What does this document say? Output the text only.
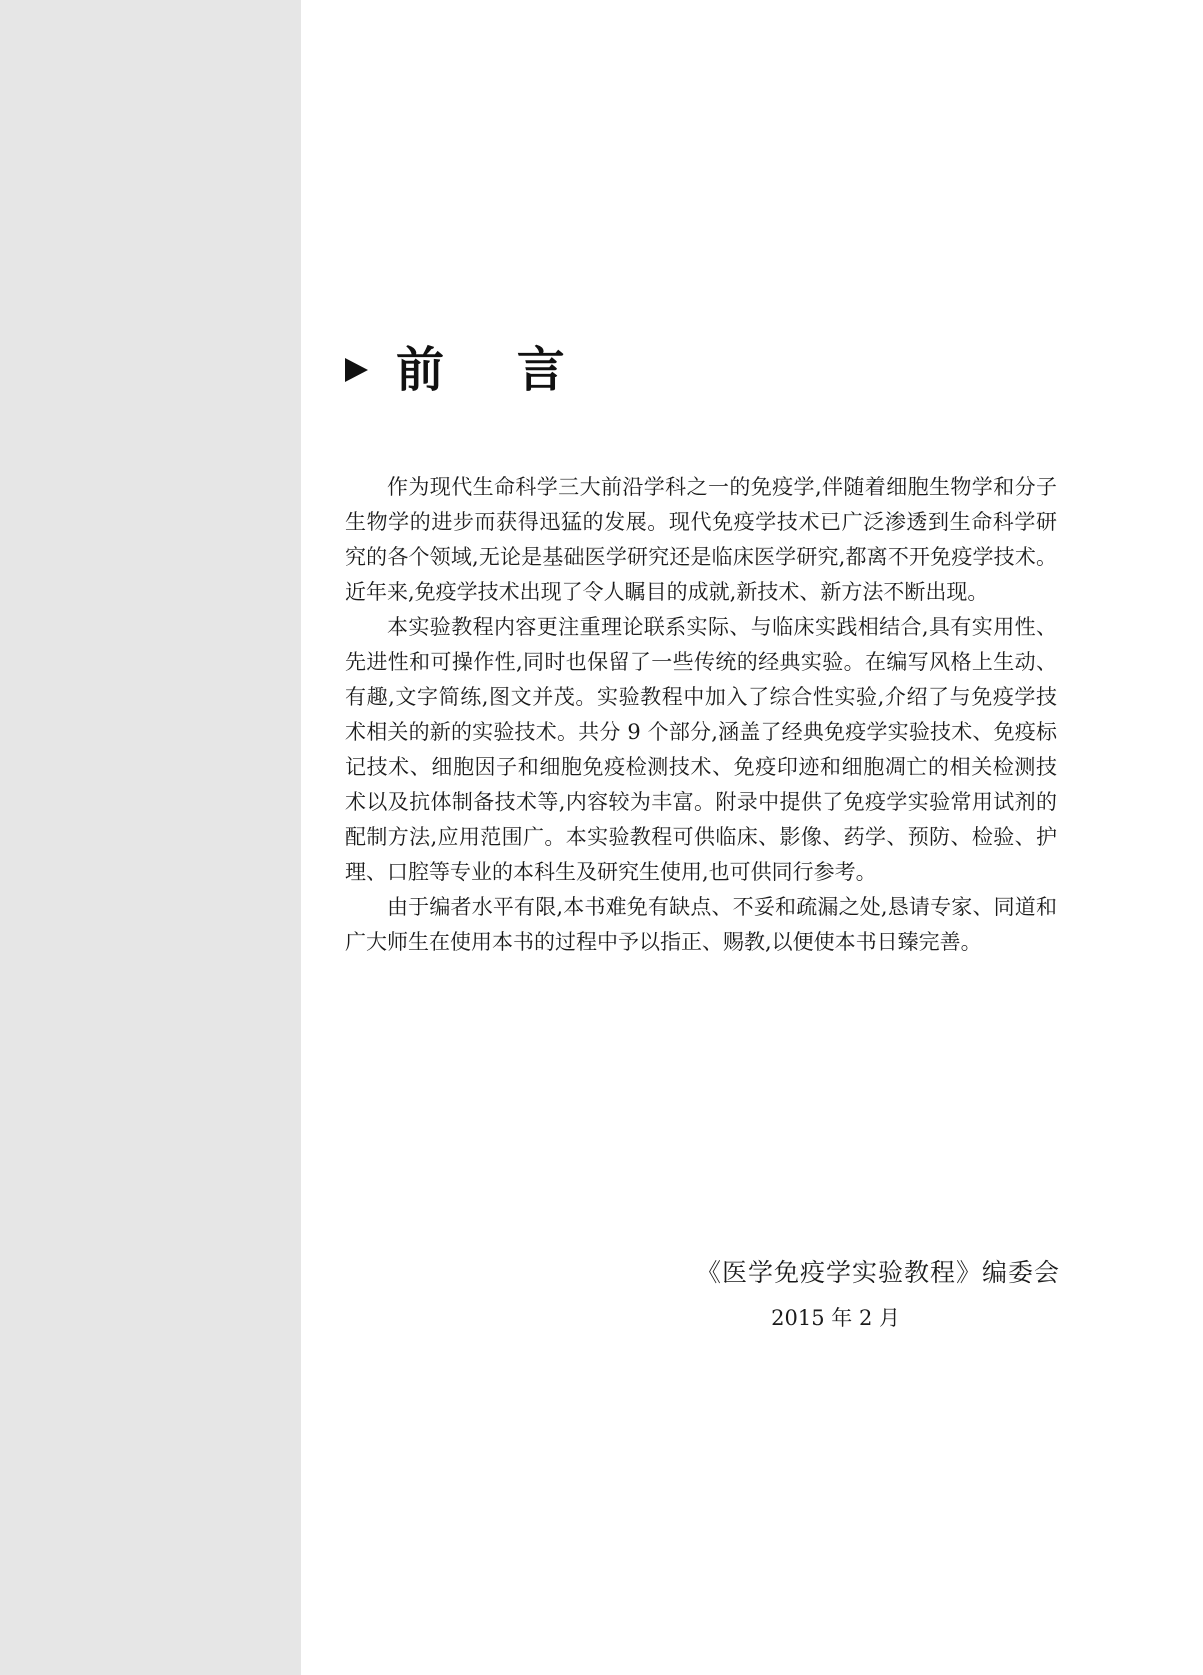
前 言

作为现代生命科学三大前沿学科之一的免疫学,伴随着细胞生物学和分子生物学的进步而获得迅猛的发展。现代免疫学技术已广泛渗透到生命科学研究的各个领域,无论是基础医学研究还是临床医学研究,都离不开免疫学技术。近年来,免疫学技术出现了令人瞩目的成就,新技术、新方法不断出现。

本实验教程内容更注重理论联系实际、与临床实践相结合,具有实用性、先进性和可操作性,同时也保留了一些传统的经典实验。在编写风格上生动、有趣,文字简练,图文并茂。实验教程中加入了综合性实验,介绍了与免疫学技术相关的新的实验技术。共分 9 个部分,涵盖了经典免疫学实验技术、免疫标记技术、细胞因子和细胞免疫检测技术、免疫印迹和细胞凋亡的相关检测技术以及抗体制备技术等,内容较为丰富。附录中提供了免疫学实验常用试剂的配制方法,应用范围广。本实验教程可供临床、影像、药学、预防、检验、护理、口腔等专业的本科生及研究生使用,也可供同行参考。

由于编者水平有限,本书难免有缺点、不妥和疏漏之处,恳请专家、同道和广大师生在使用本书的过程中予以指正、赐教,以便使本书日臻完善。

《医学免疫学实验教程》编委会
2015 年 2 月
